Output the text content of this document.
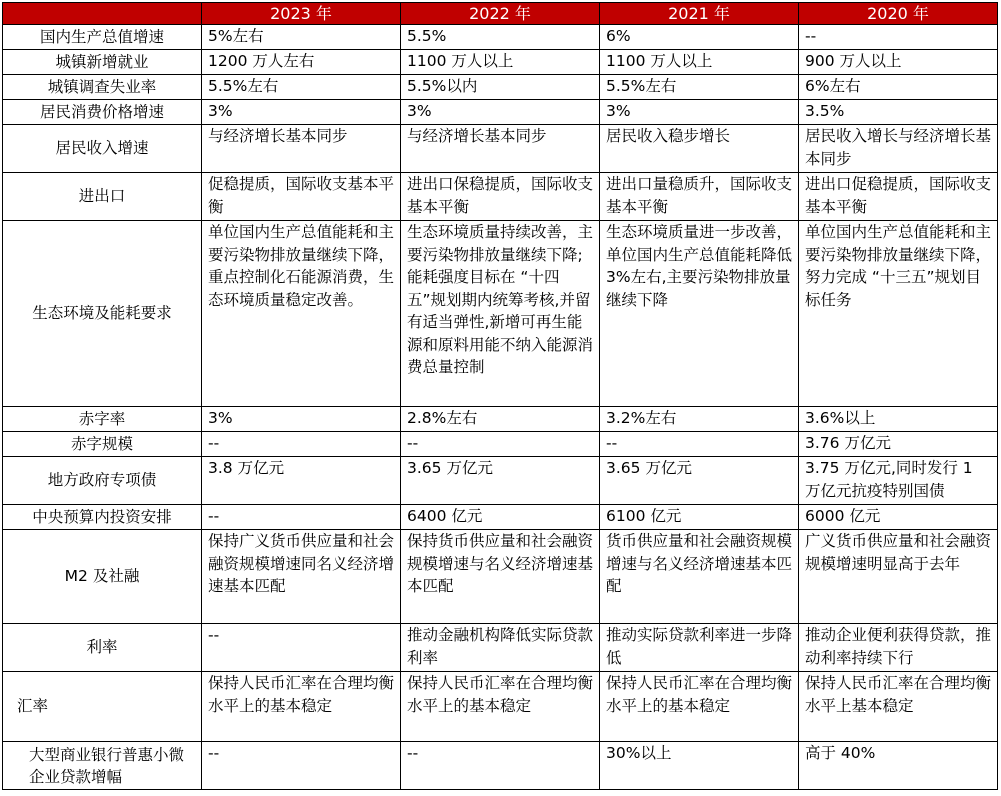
	2023 年	2022 年	2021 年	2020 年
国内生产总值增速	5%左右	5.5%	6%	--
城镇新增就业	1200 万人左右	1100 万人以上	1100 万人以上	900 万人以上
城镇调查失业率	5.5%左右	5.5%以内	5.5%左右	6%左右
居民消费价格增速	3%	3%	3%	3.5%
居民收入增速	与经济增长基本同步	与经济增长基本同步	居民收入稳步增长	居民收入增长与经济增长基本同步
进出口	促稳提质，国际收支基本平衡	进出口保稳提质，国际收支基本平衡	进出口量稳质升，国际收支基本平衡	进出口促稳提质，国际收支基本平衡
生态环境及能耗要求	单位国内生产总值能耗和主要污染物排放量继续下降，重点控制化石能源消费，生态环境质量稳定改善。	生态环境质量持续改善，主要污染物排放量继续下降;能耗强度目标在 “十四五”规划期内统筹考核,并留有适当弹性,新增可再生能源和原料用能不纳入能源消费总量控制	生态环境质量进一步改善，单位国内生产总值能耗降低 3%左右,主要污染物排放量继续下降	单位国内生产总值能耗和主要污染物排放量继续下降，努力完成 “十三五”规划目标任务
赤字率	3%	2.8%左右	3.2%左右	3.6%以上
赤字规模	--	--	--	3.76 万亿元
地方政府专项债	3.8 万亿元	3.65 万亿元	3.65 万亿元	3.75 万亿元,同时发行 1 万亿元抗疫特别国债
中央预算内投资安排	--	6400 亿元	6100 亿元	6000 亿元
M2 及社融	保持广义货币供应量和社会融资规模增速同名义经济增速基本匹配	保持货币供应量和社会融资规模增速与名义经济增速基本匹配	货币供应量和社会融资规模增速与名义经济增速基本匹配	广义货币供应量和社会融资规模增速明显高于去年
利率	--	推动金融机构降低实际贷款利率	推动实际贷款利率进一步降低	推动企业便利获得贷款，推动利率持续下行
汇率	保持人民币汇率在合理均衡水平上的基本稳定	保持人民币汇率在合理均衡水平上的基本稳定	保持人民币汇率在合理均衡水平上的基本稳定	保持人民币汇率在合理均衡水平上基本稳定
大型商业银行普惠小微企业贷款增幅	--	--	30%以上	高于 40%
